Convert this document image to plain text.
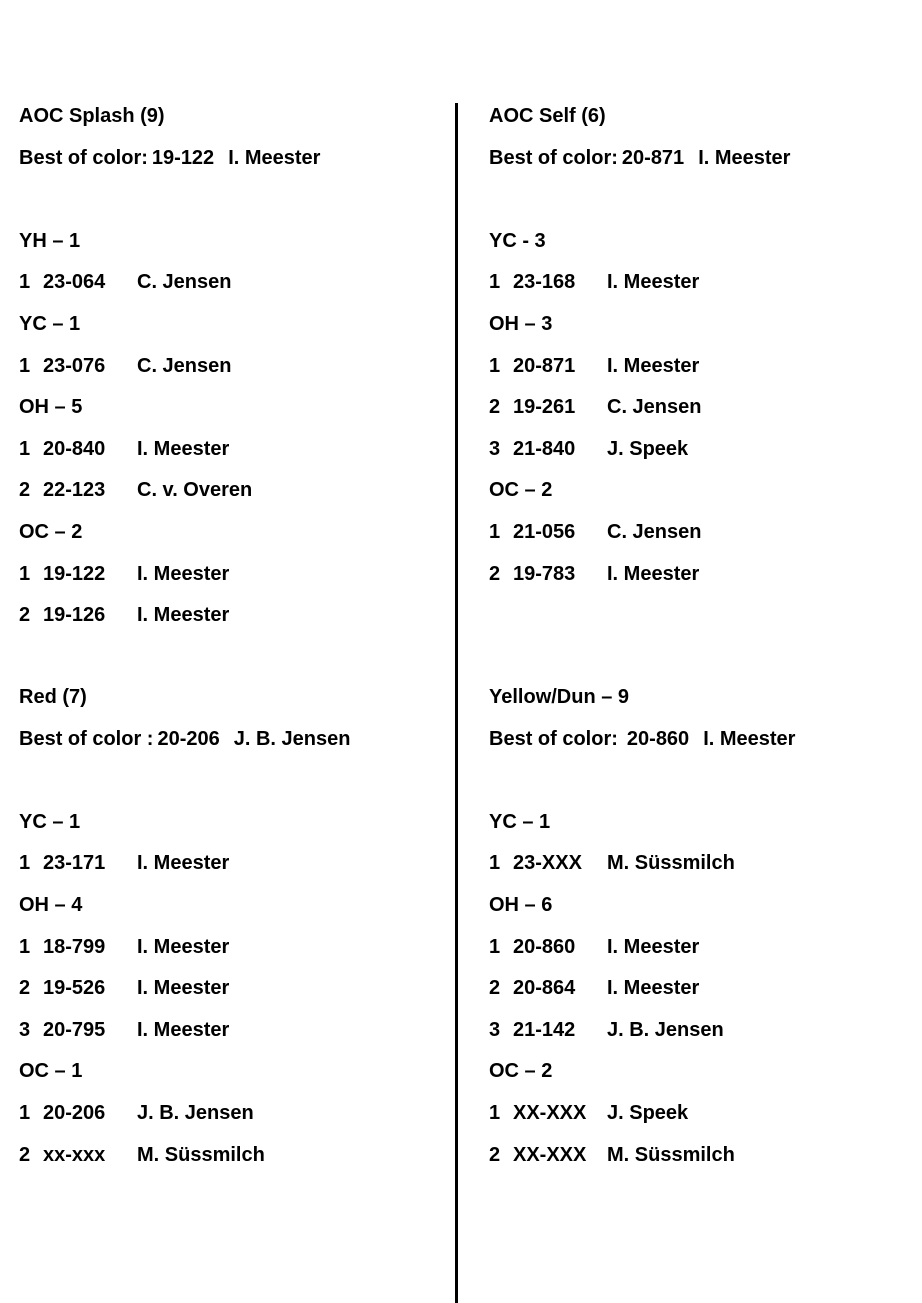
AOC Splash (9)
Best of color: 19-122 I. Meester
YH – 1
1 23-064 C. Jensen
YC – 1
1 23-076 C. Jensen
OH – 5
1 20-840 I. Meester
2 22-123 C. v. Overen
OC – 2
1 19-122 I. Meester
2 19-126 I. Meester
Red (7)
Best of color : 20-206 J. B. Jensen
YC – 1
1 23-171 I. Meester
OH – 4
1 18-799 I. Meester
2 19-526 I. Meester
3 20-795 I. Meester
OC – 1
1 20-206 J. B. Jensen
2 xx-xxx M. Süssmilch
AOC Self (6)
Best of color: 20-871 I. Meester
YC - 3
1 23-168 I. Meester
OH – 3
1 20-871 I. Meester
2 19-261 C. Jensen
3 21-840 J. Speek
OC – 2
1 21-056 C. Jensen
2 19-783 I. Meester
Yellow/Dun – 9
Best of color: 20-860 I. Meester
YC – 1
1 23-XXX M. Süssmilch
OH – 6
1 20-860 I. Meester
2 20-864 I. Meester
3 21-142 J. B. Jensen
OC – 2
1 XX-XXX J. Speek
2 XX-XXX M. Süssmilch
